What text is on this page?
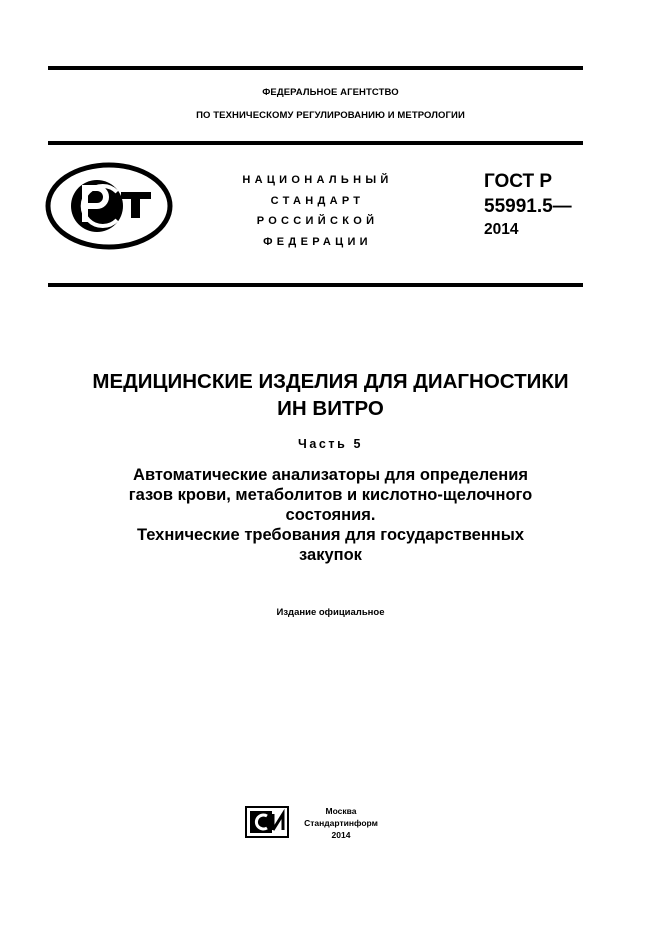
ФЕДЕРАЛЬНОЕ АГЕНТСТВО
ПО ТЕХНИЧЕСКОМУ РЕГУЛИРОВАНИЮ И МЕТРОЛОГИИ
НАЦИОНАЛЬНЫЙ
СТАНДАРТ
РОССИЙСКОЙ
ФЕДЕРАЦИИ
ГОСТ Р
55991.5—
2014
МЕДИЦИНСКИЕ ИЗДЕЛИЯ ДЛЯ ДИАГНОСТИКИ
ИН ВИТРО
Часть 5
Автоматические анализаторы для определения
газов крови, метаболитов и кислотно-щелочного
состояния.
Технические требования для государственных
закупок
Издание официальное
Москва
Стандартинформ
2014
